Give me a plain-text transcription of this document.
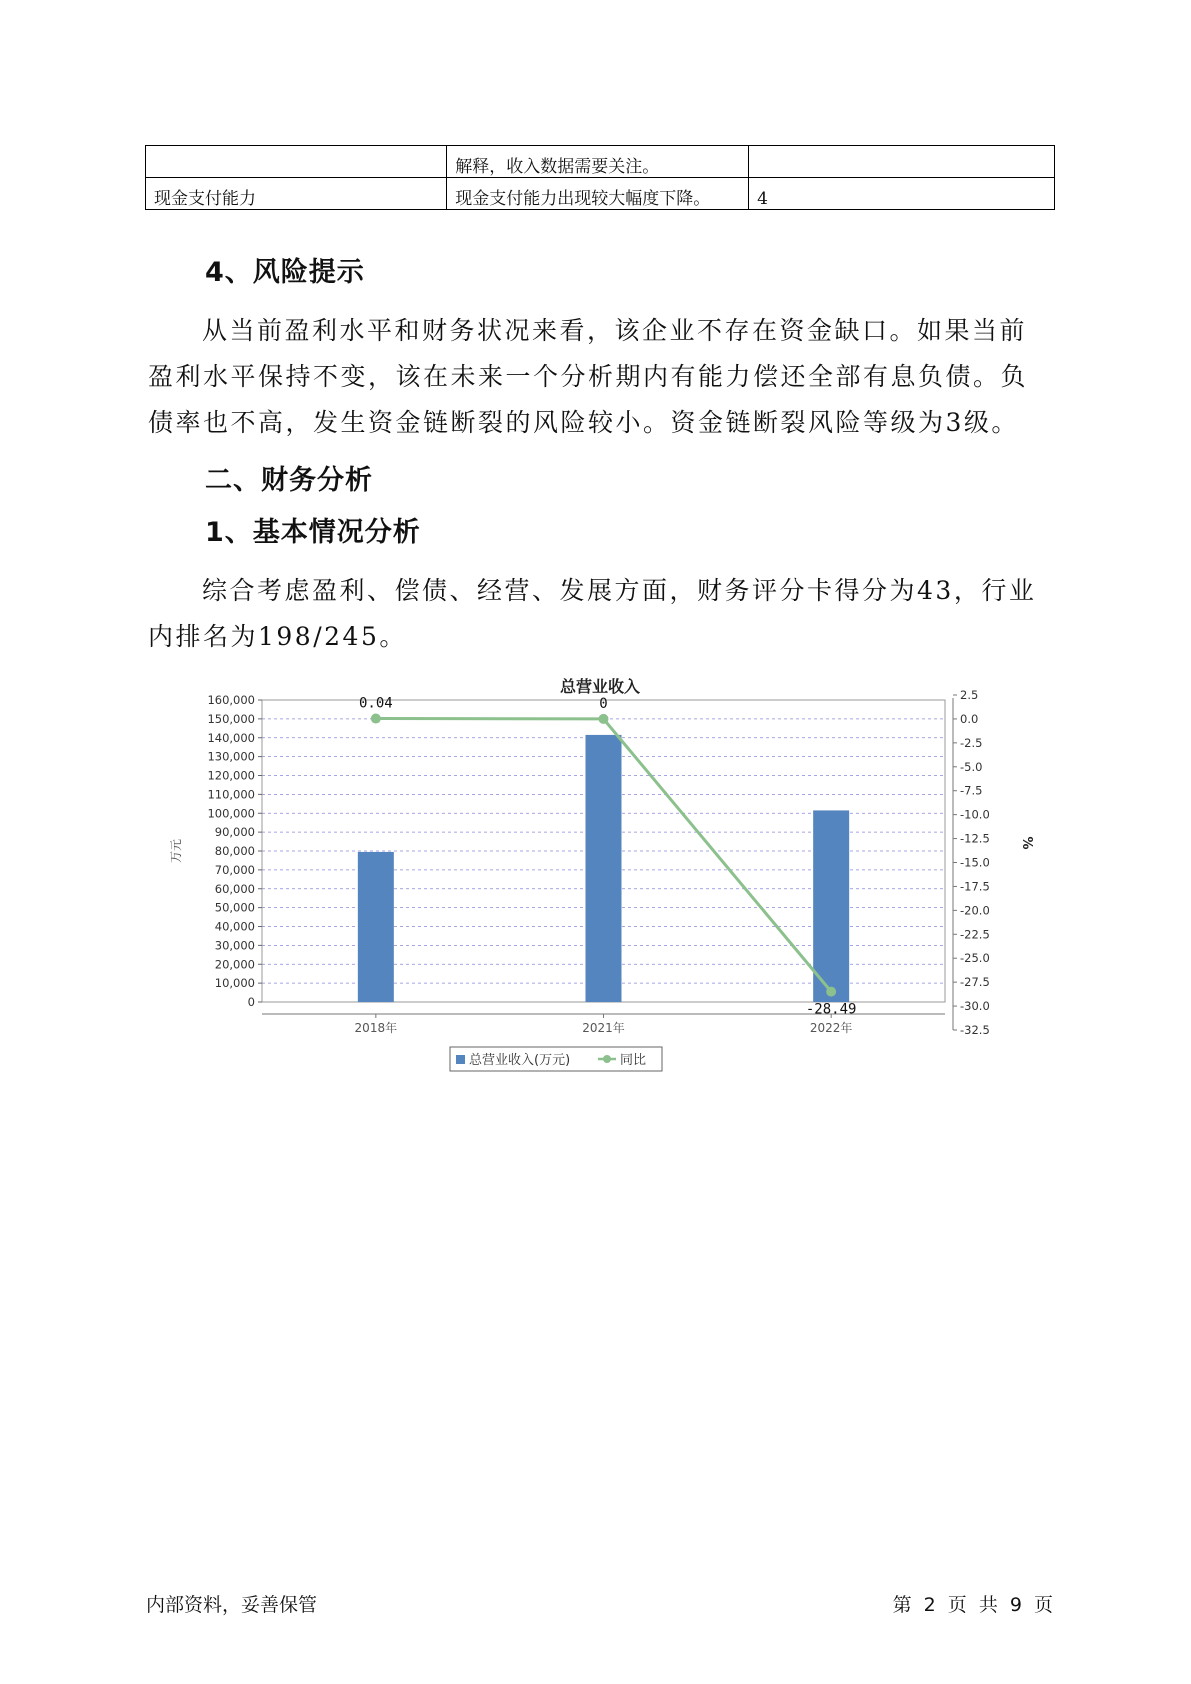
	解释，收入数据需要关注。	
现金支付能力	现金支付能力出现较大幅度下降。	4
4、风险提示
从当前盈利水平和财务状况来看，该企业不存在资金缺口。如果当前盈利水平保持不变，该在未来一个分析期内有能力偿还全部有息负债。负债率也不高，发生资金链断裂的风险较小。资金链断裂风险等级为3级。
二、财务分析
1、基本情况分析
综合考虑盈利、偿债、经营、发展方面，财务评分卡得分为43，行业内排名为198/245。
总营业收入
0
10,000
20,000
30,000
40,000
50,000
60,000
70,000
80,000
90,000
100,000
110,000
120,000
130,000
140,000
150,000
160,000	2.5
0.0
-2.5
-5.0
-7.5
-10.0
-12.5
-15.0
-17.5
-20.0
-22.5
-25.0
-27.5
-30.0
-32.5
万元	%
2018年	2021年	2022年
0.04	0
-28.49
总营业收入(万元)	同比
内部资料，妥善保管	第 2 页 共 9 页
